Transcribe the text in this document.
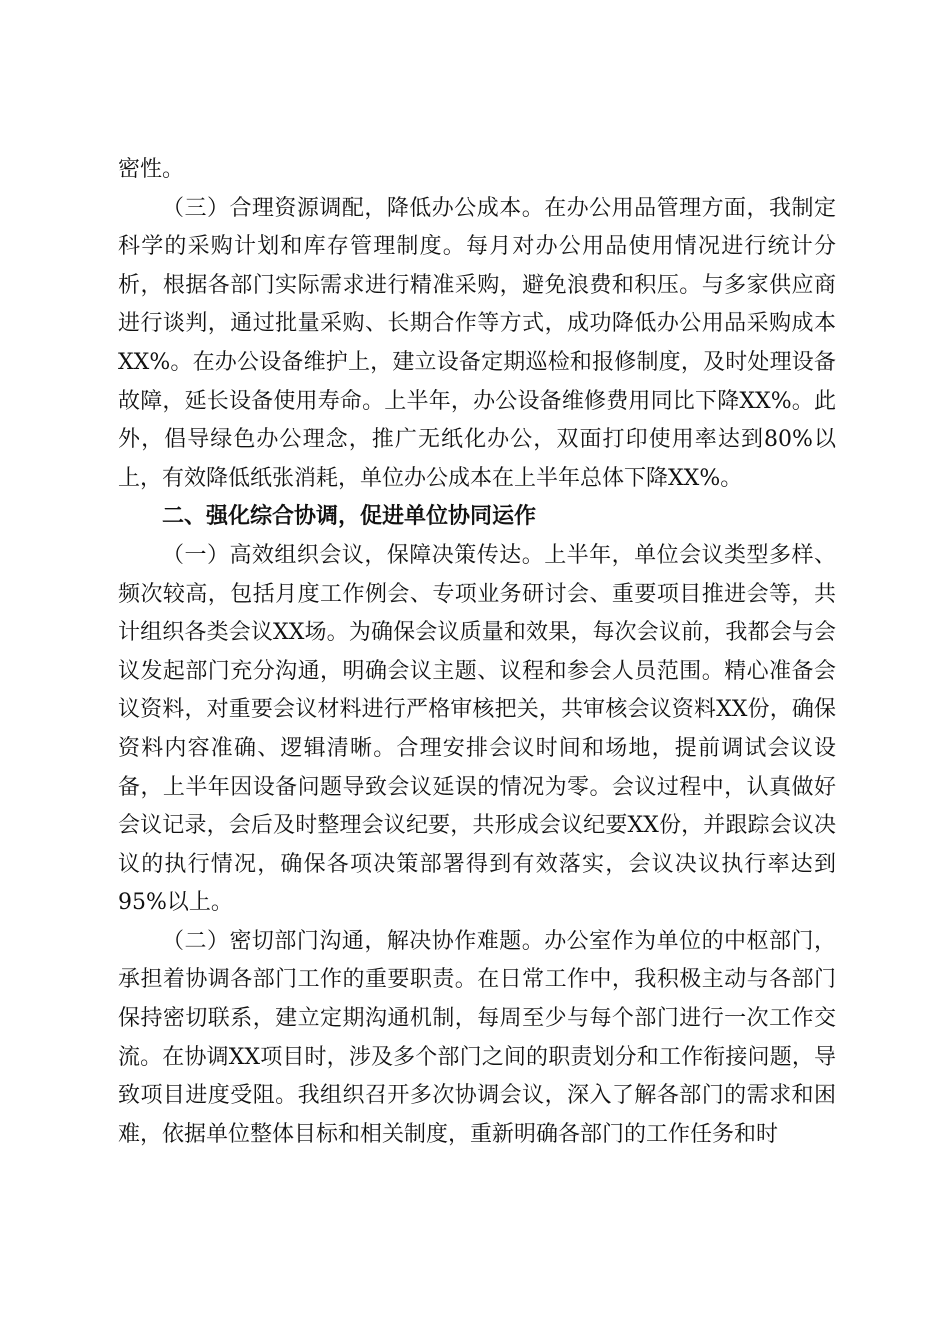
密性。

（三）合理资源调配，降低办公成本。在办公用品管理方面，我制定科学的采购计划和库存管理制度。每月对办公用品使用情况进行统计分析，根据各部门实际需求进行精准采购，避免浪费和积压。与多家供应商进行谈判，通过批量采购、长期合作等方式，成功降低办公用品采购成本XX%。在办公设备维护上，建立设备定期巡检和报修制度，及时处理设备故障，延长设备使用寿命。上半年，办公设备维修费用同比下降XX%。此外，倡导绿色办公理念，推广无纸化办公，双面打印使用率达到80%以上，有效降低纸张消耗，单位办公成本在上半年总体下降XX%。

二、强化综合协调，促进单位协同运作

（一）高效组织会议，保障决策传达。上半年，单位会议类型多样、频次较高，包括月度工作例会、专项业务研讨会、重要项目推进会等，共计组织各类会议XX场。为确保会议质量和效果，每次会议前，我都会与会议发起部门充分沟通，明确会议主题、议程和参会人员范围。精心准备会议资料，对重要会议材料进行严格审核把关，共审核会议资料XX份，确保资料内容准确、逻辑清晰。合理安排会议时间和场地，提前调试会议设备，上半年因设备问题导致会议延误的情况为零。会议过程中，认真做好会议记录，会后及时整理会议纪要，共形成会议纪要XX份，并跟踪会议决议的执行情况，确保各项决策部署得到有效落实，会议决议执行率达到95%以上。

（二）密切部门沟通，解决协作难题。办公室作为单位的中枢部门，承担着协调各部门工作的重要职责。在日常工作中，我积极主动与各部门保持密切联系，建立定期沟通机制，每周至少与每个部门进行一次工作交流。在协调XX项目时，涉及多个部门之间的职责划分和工作衔接问题，导致项目进度受阻。我组织召开多次协调会议，深入了解各部门的需求和困难，依据单位整体目标和相关制度，重新明确各部门的工作任务和时
